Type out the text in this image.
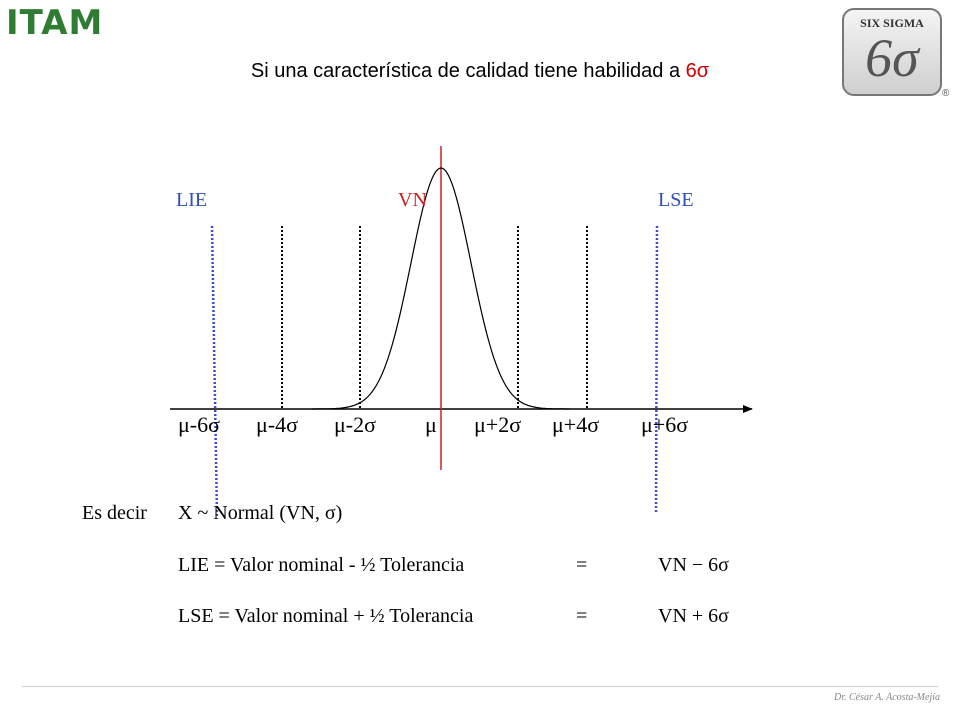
ITAM	SIX SIGMA
6σ
®
Si una característica de calidad tiene habilidad a 6σ
LIE	VN	LSE
μ-6σ μ-4σ μ-2σ μ μ+2σ μ+4σ μ+6σ
Es decir X ~ Normal (VN, σ)
LIE = Valor nominal - ½ Tolerancia	=	VN − 6σ
LSE = Valor nominal + ½ Tolerancia	=	VN + 6σ
Dr. César A. Acosta-Mejía
